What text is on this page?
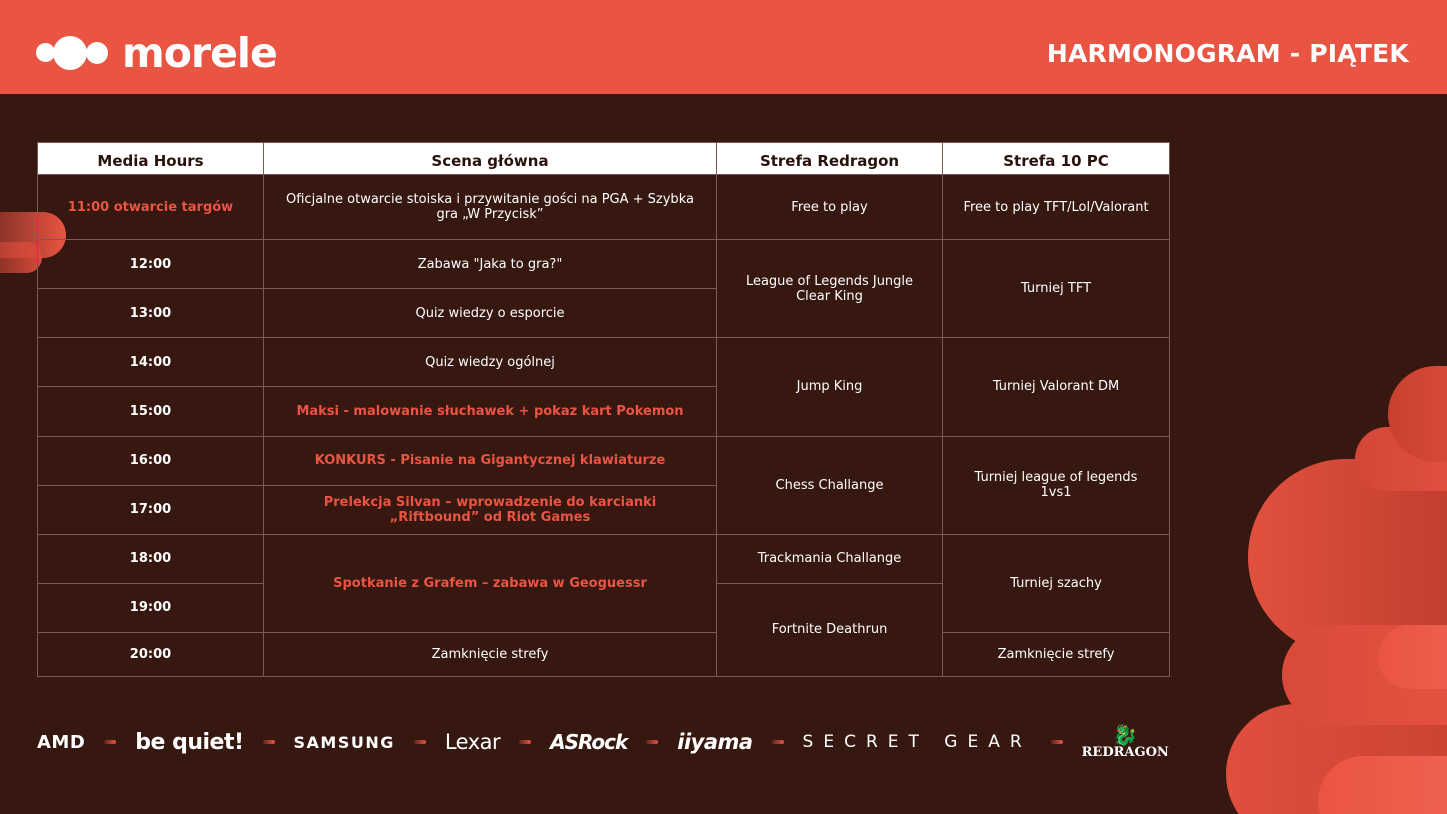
morele	HARMONOGRAM - PIĄTEK
Media Hours	Scena główna	Strefa Redragon	Strefa 10 PC
11:00 otwarcie targów	Oficjalne otwarcie stoiska i przywitanie gości na PGA + Szybka gra „W Przycisk”	Free to play	Free to play TFT/Lol/Valorant
12:00	Zabawa "Jaka to gra?"	League of Legends Jungle Clear King	Turniej TFT
13:00	Quiz wiedzy o esporcie		
14:00	Quiz wiedzy ogólnej	Jump King	Turniej Valorant DM
15:00	Maksi - malowanie słuchawek + pokaz kart Pokemon		
16:00	KONKURS - Pisanie na Gigantycznej klawiaturze	Chess Challange	Turniej league of legends 1vs1
17:00	Prelekcja Silvan – wprowadzenie do karcianki „Riftbound” od Riot Games		
18:00	Spotkanie z Grafem – zabawa w Geoguessr	Trackmania Challange	Turniej szachy
19:00		Fortnite Deathrun	
20:00	Zamknięcie strefy		Zamknięcie strefy
AMD be quiet!	SAMSUNG Lexar ASRock iiyama	SECRET GEAR	🐉
REDRAGON
